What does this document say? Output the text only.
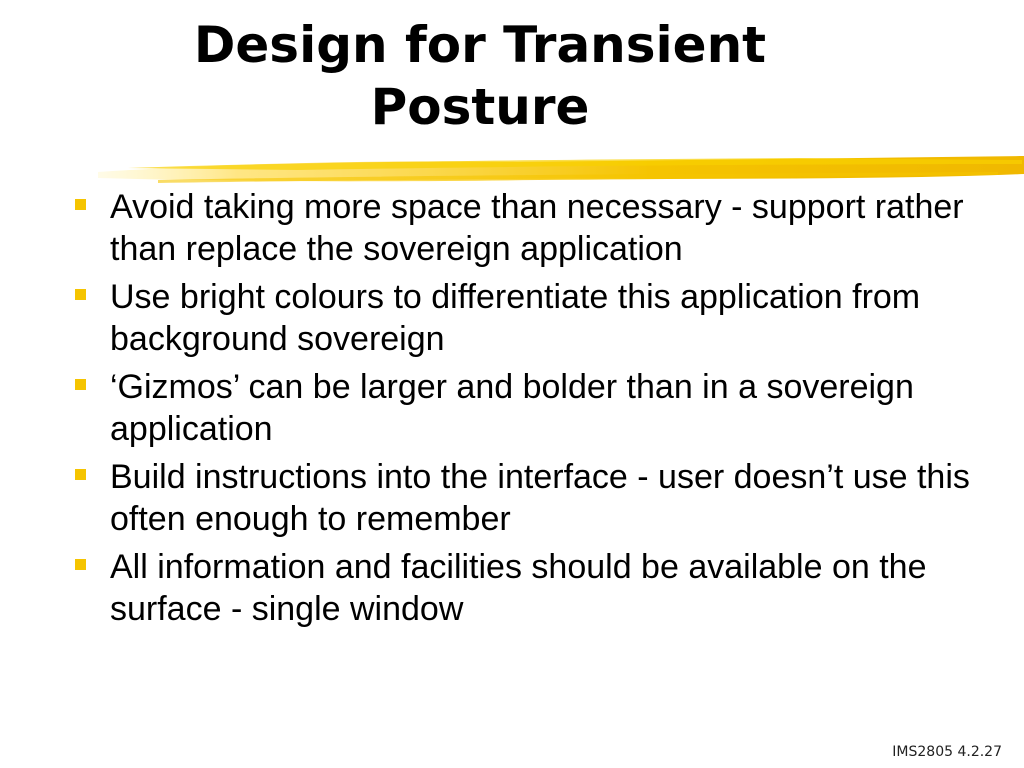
Design for Transient
Posture
Avoid taking more space than necessary - support rather than replace the sovereign application
Use bright colours to differentiate this application from background sovereign
‘Gizmos’ can be larger and bolder than in a sovereign application
Build instructions into the interface - user doesn’t use this often enough to remember
All information and facilities should be available on the surface - single window
IMS2805 4.2.27
